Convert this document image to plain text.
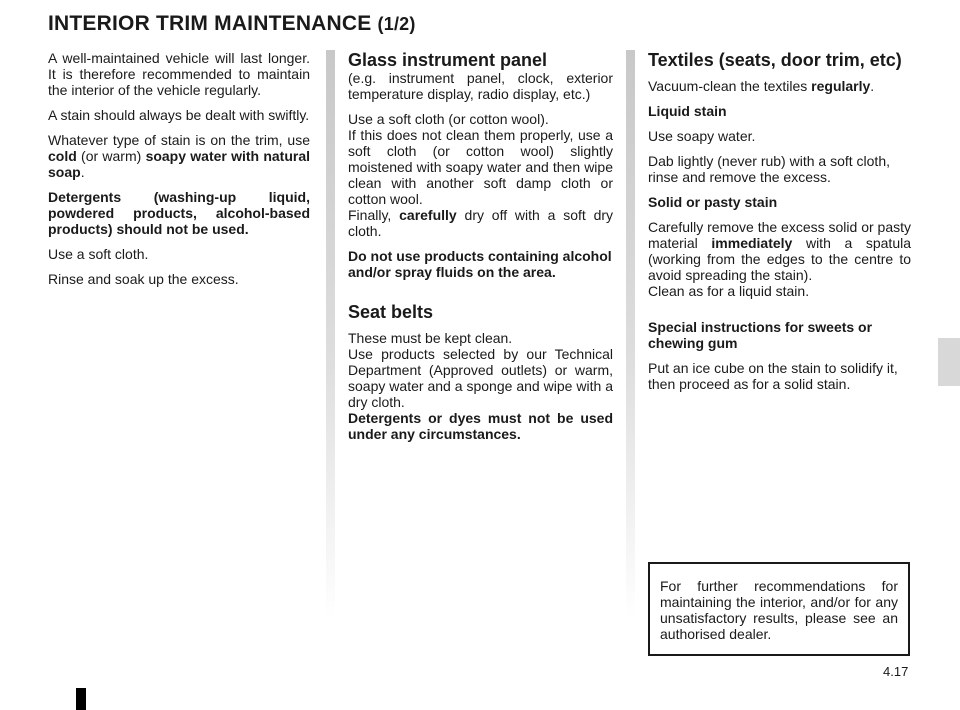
INTERIOR TRIM MAINTENANCE (1/2)

A well-maintained vehicle will last longer. It is therefore recommended to maintain the interior of the vehicle regularly.

A stain should always be dealt with swiftly.

Whatever type of stain is on the trim, use cold (or warm) soapy water with natural soap.

Detergents (washing-up liquid, powdered products, alcohol-based products) should not be used.

Use a soft cloth.

Rinse and soak up the excess.

Glass instrument panel

(e.g. instrument panel, clock, exterior temperature display, radio display, etc.)

Use a soft cloth (or cotton wool).
If this does not clean them properly, use a soft cloth (or cotton wool) slightly moistened with soapy water and then wipe clean with another soft damp cloth or cotton wool.
Finally, carefully dry off with a soft dry cloth.

Do not use products containing alcohol and/or spray fluids on the area.

Seat belts

These must be kept clean.
Use products selected by our Technical Department (Approved outlets) or warm, soapy water and a sponge and wipe with a dry cloth.
Detergents or dyes must not be used under any circumstances.

Textiles (seats, door trim, etc)

Vacuum-clean the textiles regularly.

Liquid stain

Use soapy water.

Dab lightly (never rub) with a soft cloth, rinse and remove the excess.

Solid or pasty stain

Carefully remove the excess solid or pasty material immediately with a spatula (working from the edges to the centre to avoid spreading the stain).
Clean as for a liquid stain.

Special instructions for sweets or chewing gum

Put an ice cube on the stain to solidify it, then proceed as for a solid stain.

For further recommendations for maintaining the interior, and/or for any unsatisfactory results, please see an authorised dealer.
4.17
